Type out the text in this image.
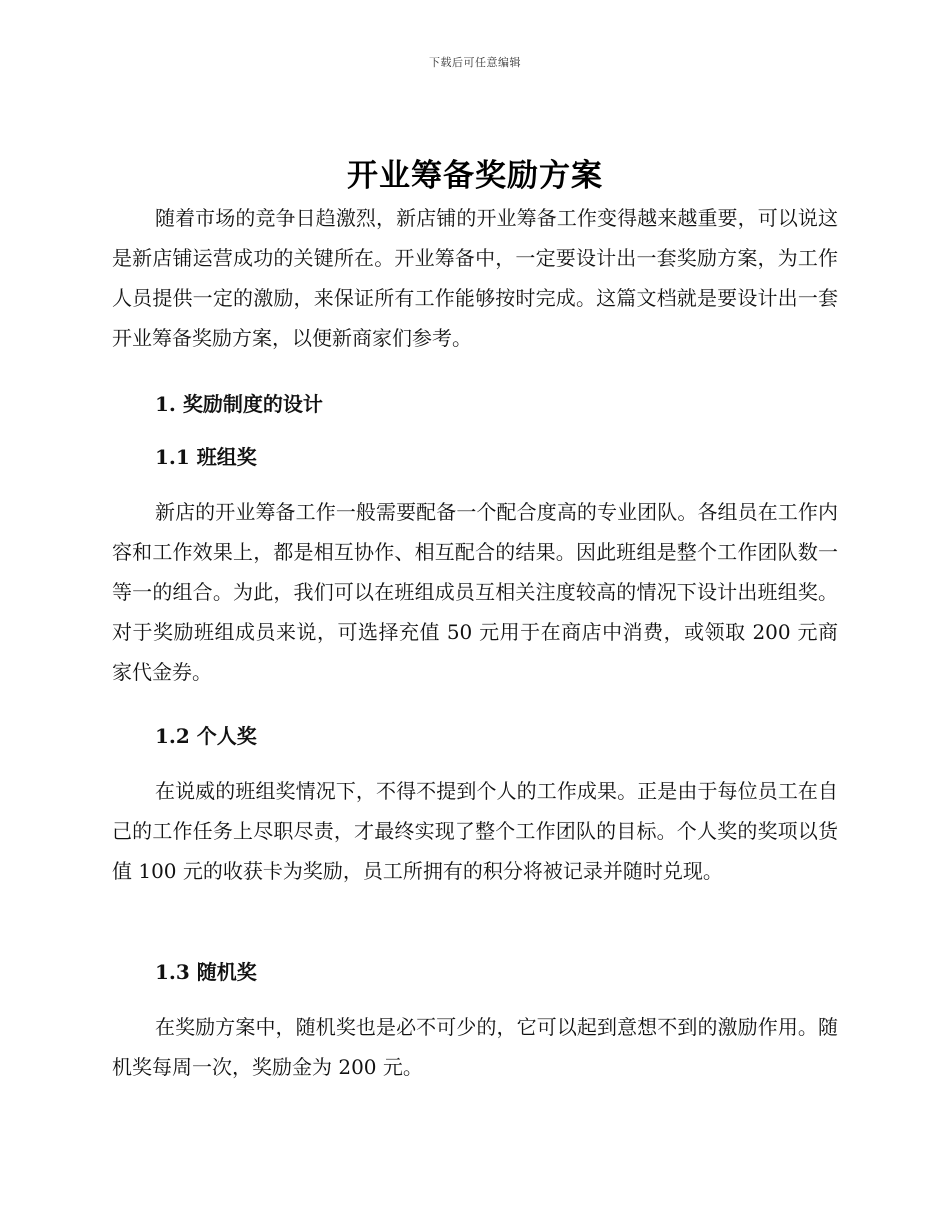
下载后可任意编辑
开业筹备奖励方案

随着市场的竞争日趋激烈，新店铺的开业筹备工作变得越来越重要，可以说这是新店铺运营成功的关键所在。开业筹备中，一定要设计出一套奖励方案，为工作人员提供一定的激励，来保证所有工作能够按时完成。这篇文档就是要设计出一套开业筹备奖励方案，以便新商家们参考。

1. 奖励制度的设计

1.1 班组奖

新店的开业筹备工作一般需要配备一个配合度高的专业团队。各组员在工作内容和工作效果上，都是相互协作、相互配合的结果。因此班组是整个工作团队数一等一的组合。为此，我们可以在班组成员互相关注度较高的情况下设计出班组奖。对于奖励班组成员来说，可选择充值 50 元用于在商店中消费，或领取 200 元商家代金券。

1.2 个人奖

在说威的班组奖情况下，不得不提到个人的工作成果。正是由于每位员工在自己的工作任务上尽职尽责，才最终实现了整个工作团队的目标。个人奖的奖项以货值 100 元的收获卡为奖励，员工所拥有的积分将被记录并随时兑现。

1.3 随机奖

在奖励方案中，随机奖也是必不可少的，它可以起到意想不到的激励作用。随机奖每周一次，奖励金为 200 元。
